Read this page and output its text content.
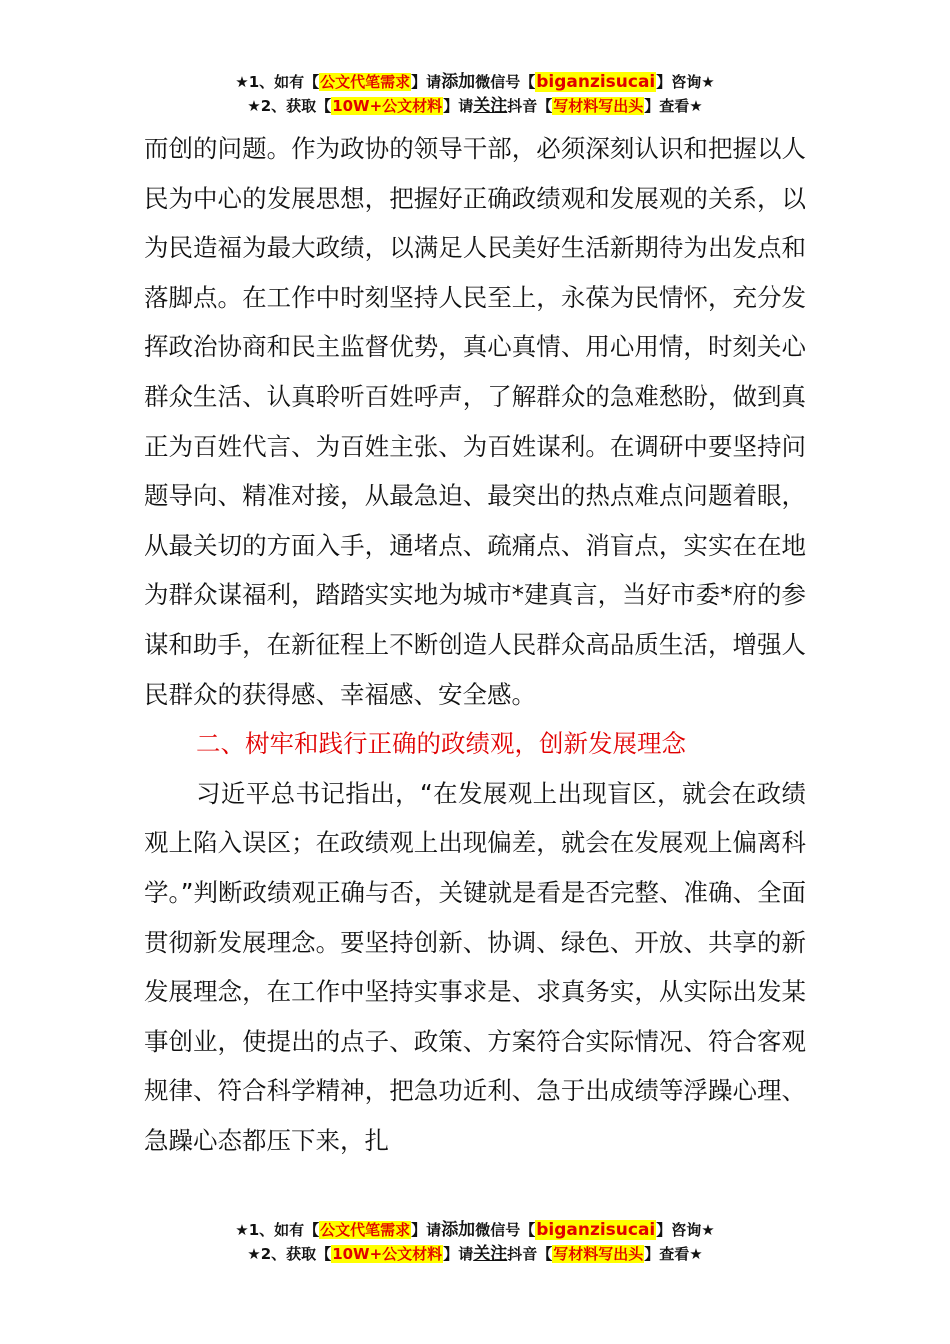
★1、如有【公文代笔需求】请添加微信号【biganzisucai】咨询★
★2、获取【10W+公文材料】请关注抖音【写材料写出头】查看★

而创的问题。作为政协的领导干部，必须深刻认识和把握以人民为中心的发展思想，把握好正确政绩观和发展观的关系，以为民造福为最大政绩，以满足人民美好生活新期待为出发点和落脚点。在工作中时刻坚持人民至上，永葆为民情怀，充分发挥政治协商和民主监督优势，真心真情、用心用情，时刻关心群众生活、认真聆听百姓呼声，了解群众的急难愁盼，做到真正为百姓代言、为百姓主张、为百姓谋利。在调研中要坚持问题导向、精准对接，从最急迫、最突出的热点难点问题着眼，从最关切的方面入手，通堵点、疏痛点、消盲点，实实在在地为群众谋福利，踏踏实实地为城市*建真言，当好市委*府的参谋和助手，在新征程上不断创造人民群众高品质生活，增强人民群众的获得感、幸福感、安全感。

二、树牢和践行正确的政绩观，创新发展理念

习近平总书记指出，“在发展观上出现盲区，就会在政绩观上陷入误区；在政绩观上出现偏差，就会在发展观上偏离科学。”判断政绩观正确与否，关键就是看是否完整、准确、全面贯彻新发展理念。要坚持创新、协调、绿色、开放、共享的新发展理念，在工作中坚持实事求是、求真务实，从实际出发某事创业，使提出的点子、政策、方案符合实际情况、符合客观规律、符合科学精神，把急功近利、急于出成绩等浮躁心理、急躁心态都压下来，扎

★1、如有【公文代笔需求】请添加微信号【biganzisucai】咨询★
★2、获取【10W+公文材料】请关注抖音【写材料写出头】查看★
